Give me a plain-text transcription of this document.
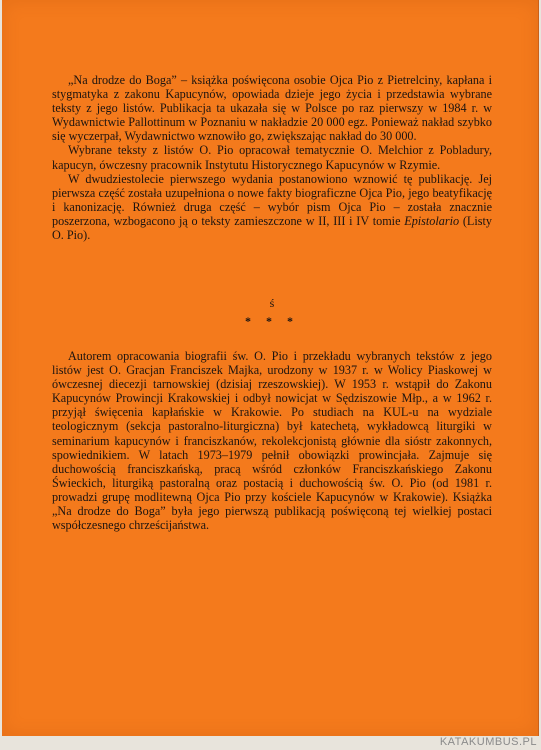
„Na drodze do Boga” – książka poświęcona osobie Ojca Pio z Pietrelciny, kapłana i stygmatyka z zakonu Kapucynów, opowiada dzieje jego życia i przedstawia wybrane teksty z jego listów. Publikacja ta ukazała się w Polsce po raz pierwszy w 1984 r. w Wydawnictwie Pallottinum w Poznaniu w nakładzie 20 000 egz. Ponieważ nakład szybko się wyczerpał, Wydawnictwo wznowiło go, zwiększając nakład do 30 000.

Wybrane teksty z listów O. Pio opracował tematycznie O. Melchior z Pobladury, kapucyn, ówczesny pracownik Instytutu Historycznego Kapucynów w Rzymie.

W dwudziestolecie pierwszego wydania postanowiono wznowić tę publikację. Jej pierwsza część została uzupełniona o nowe fakty biograficzne Ojca Pio, jego beatyfikację i kanonizację. Również druga część – wybór pism Ojca Pio – została znacznie poszerzona, wzbogacono ją o teksty zamieszczone w II, III i IV tomie Epistolario (Listy O. Pio).

ś
* * *

Autorem opracowania biografii św. O. Pio i przekładu wybranych tekstów z jego listów jest O. Gracjan Franciszek Majka, urodzony w 1937 r. w Wolicy Piaskowej w ówczesnej diecezji tarnowskiej (dzisiaj rzeszowskiej). W 1953 r. wstąpił do Zakonu Kapucynów Prowincji Krakowskiej i odbył nowicjat w Sędziszowie Młp., a w 1962 r. przyjął święcenia kapłańskie w Krakowie. Po studiach na KUL-u na wydziale teologicznym (sekcja pastoralno-liturgiczna) był katechetą, wykładowcą liturgiki w seminarium kapucynów i franciszkanów, rekolekcjonistą głównie dla sióstr zakonnych, spowiednikiem. W latach 1973–1979 pełnił obowiązki prowincjała. Zajmuje się duchowością franciszkańską, pracą wśród członków Franciszkańskiego Zakonu Świeckich, liturgiką pastoralną oraz postacią i duchowością św. O. Pio (od 1981 r. prowadzi grupę modlitewną Ojca Pio przy kościele Kapucynów w Krakowie). Książka „Na drodze do Boga” była jego pierwszą publikacją poświęconą tej wielkiej postaci współczesnego chrześcijaństwa.

KATAKUMBUS.PL
